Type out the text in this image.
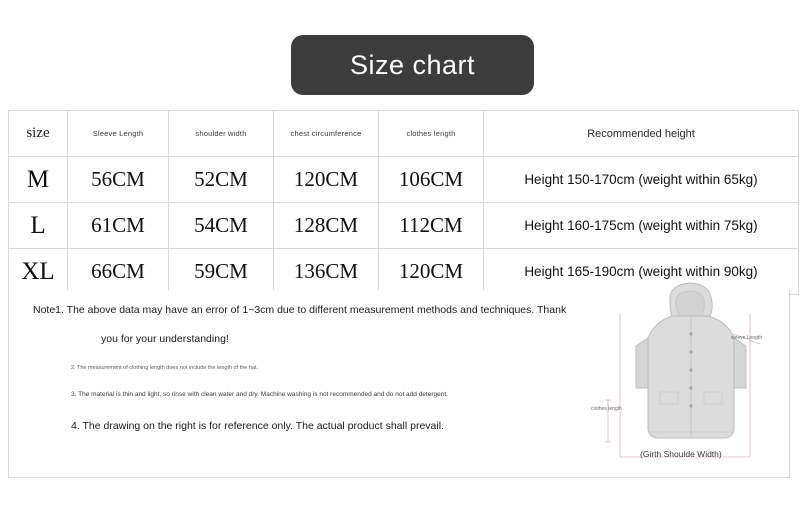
Size chart
size	Sleeve Length	shoulder width	chest circumference	clothes length	Recommended height
M	56CM	52CM	120CM	106CM	Height 150-170cm (weight within 65kg)
L	61CM	54CM	128CM	112CM	Height 160-175cm (weight within 75kg)
XL	66CM	59CM	136CM	120CM	Height 165-190cm (weight within 90kg)
Note1. The above data may have an error of 1~3cm due to different measurement methods and techniques. Thank
you for your understanding!
2. The measurement of clothing length does not include the length of the hat.
3. The material is thin and light, so rinse with clean water and dry. Machine washing is not recommended and do not add detergent.
4. The drawing on the right is for reference only. The actual product shall prevail.
sleeve Length
clothes length
(Girth Shoulde Width)
